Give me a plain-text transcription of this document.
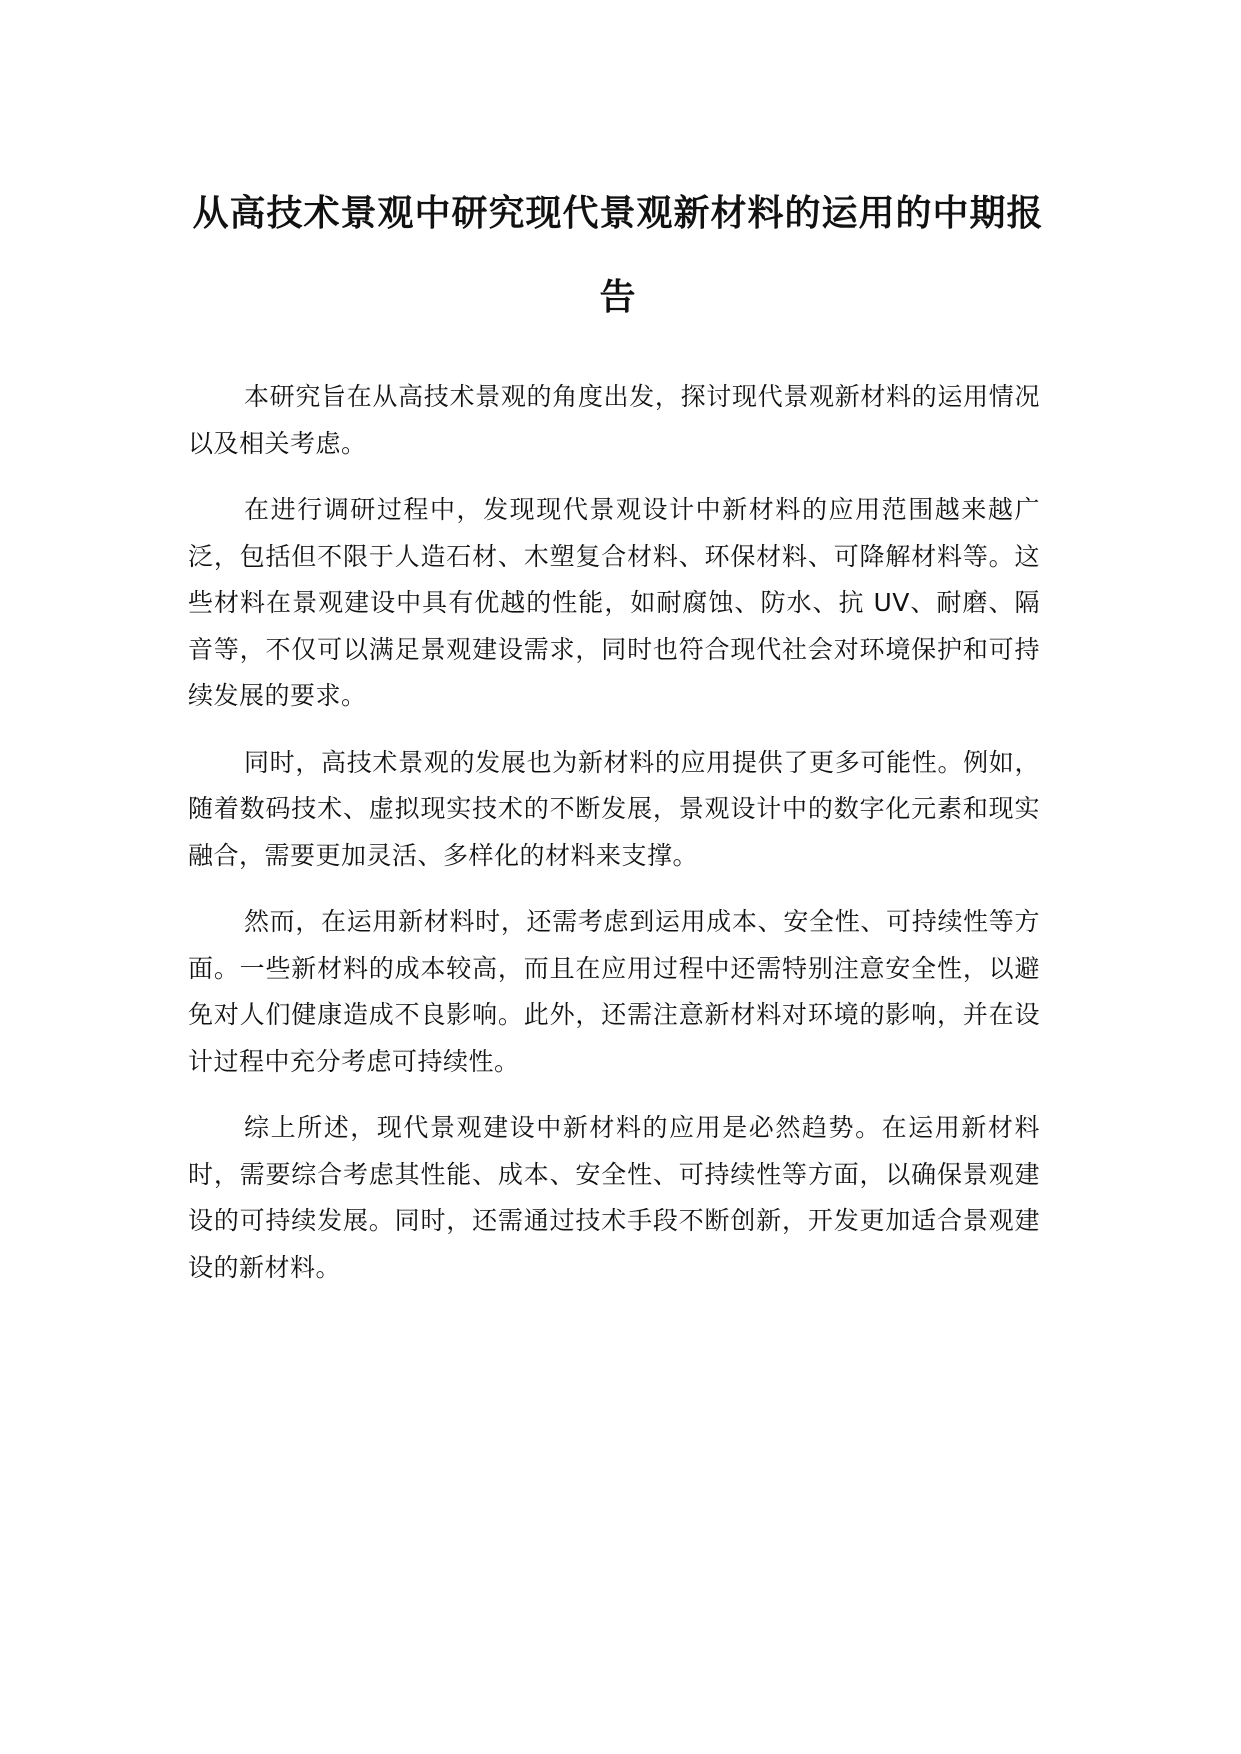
从高技术景观中研究现代景观新材料的运用的中期报告

本研究旨在从高技术景观的角度出发，探讨现代景观新材料的运用情况以及相关考虑。

在进行调研过程中，发现现代景观设计中新材料的应用范围越来越广泛，包括但不限于人造石材、木塑复合材料、环保材料、可降解材料等。这些材料在景观建设中具有优越的性能，如耐腐蚀、防水、抗 UV、耐磨、隔音等，不仅可以满足景观建设需求，同时也符合现代社会对环境保护和可持续发展的要求。

同时，高技术景观的发展也为新材料的应用提供了更多可能性。例如，随着数码技术、虚拟现实技术的不断发展，景观设计中的数字化元素和现实融合，需要更加灵活、多样化的材料来支撑。

然而，在运用新材料时，还需考虑到运用成本、安全性、可持续性等方面。一些新材料的成本较高，而且在应用过程中还需特别注意安全性，以避免对人们健康造成不良影响。此外，还需注意新材料对环境的影响，并在设计过程中充分考虑可持续性。

综上所述，现代景观建设中新材料的应用是必然趋势。在运用新材料时，需要综合考虑其性能、成本、安全性、可持续性等方面，以确保景观建设的可持续发展。同时，还需通过技术手段不断创新，开发更加适合景观建设的新材料。
